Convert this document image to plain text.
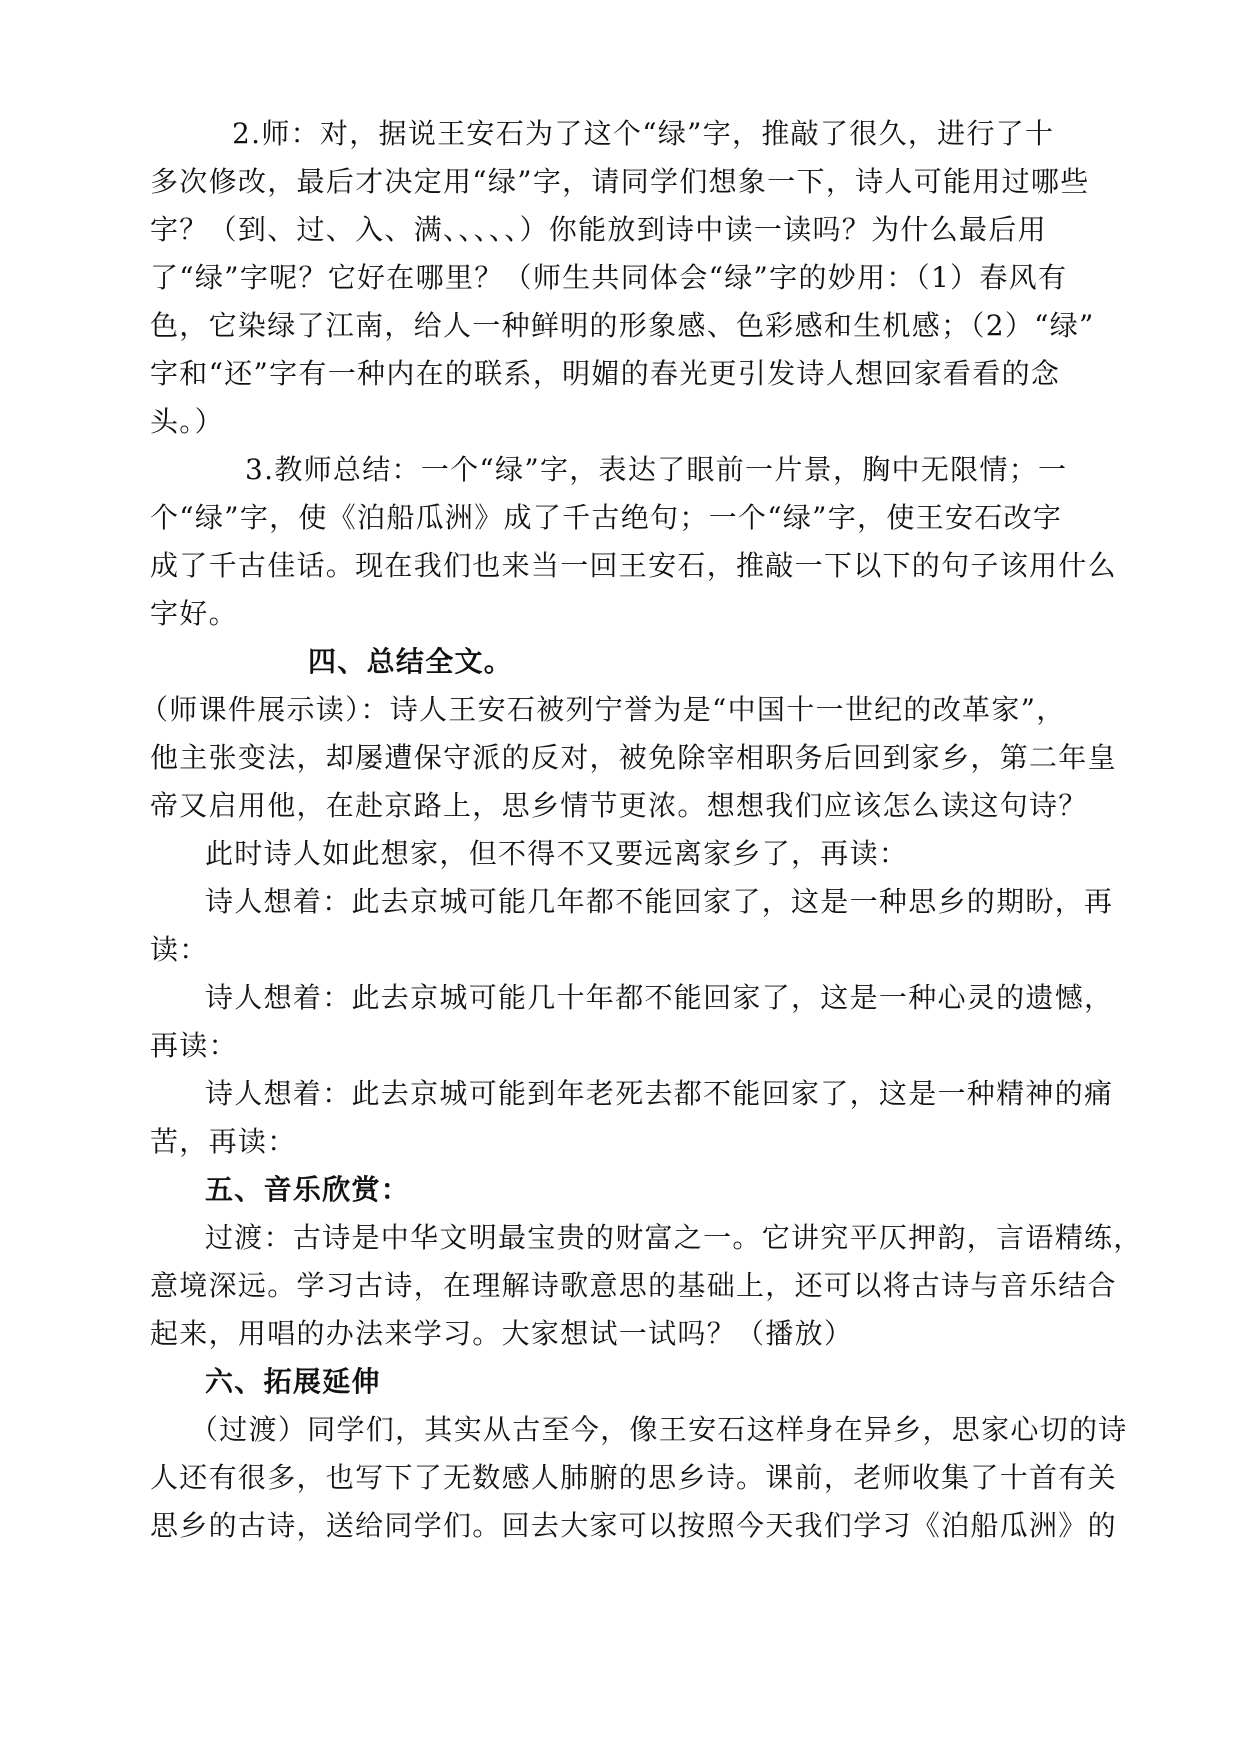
2.师：对，据说王安石为了这个“绿”字，推敲了很久，进行了十
多次修改，最后才决定用“绿”字，请同学们想象一下，诗人可能用过哪些
字？（到、过、入、满、、、、、）你能放到诗中读一读吗？为什么最后用
了“绿”字呢？它好在哪里？（师生共同体会“绿”字的妙用：（1）春风有
色，它染绿了江南，给人一种鲜明的形象感、色彩感和生机感；（2）“绿”
字和“还”字有一种内在的联系，明媚的春光更引发诗人想回家看看的念
头。）
3.教师总结：一个“绿”字，表达了眼前一片景，胸中无限情；一
个“绿”字，使《泊船瓜洲》成了千古绝句；一个“绿”字，使王安石改字
成了千古佳话。现在我们也来当一回王安石，推敲一下以下的句子该用什么
字好。
四、总结全文。
（师课件展示读）：诗人王安石被列宁誉为是“中国十一世纪的改革家”，
他主张变法，却屡遭保守派的反对，被免除宰相职务后回到家乡，第二年皇
帝又启用他，在赴京路上，思乡情节更浓。想想我们应该怎么读这句诗？
此时诗人如此想家，但不得不又要远离家乡了，再读：
诗人想着：此去京城可能几年都不能回家了，这是一种思乡的期盼，再
读：
诗人想着：此去京城可能几十年都不能回家了，这是一种心灵的遗憾，
再读：
诗人想着：此去京城可能到年老死去都不能回家了，这是一种精神的痛
苦，再读：
五、音乐欣赏：
过渡：古诗是中华文明最宝贵的财富之一。它讲究平仄押韵，言语精练，
意境深远。学习古诗，在理解诗歌意思的基础上，还可以将古诗与音乐结合
起来，用唱的办法来学习。大家想试一试吗？（播放）
六、拓展延伸
（过渡）同学们，其实从古至今，像王安石这样身在异乡，思家心切的诗
人还有很多，也写下了无数感人肺腑的思乡诗。课前，老师收集了十首有关
思乡的古诗，送给同学们。回去大家可以按照今天我们学习《泊船瓜洲》的
